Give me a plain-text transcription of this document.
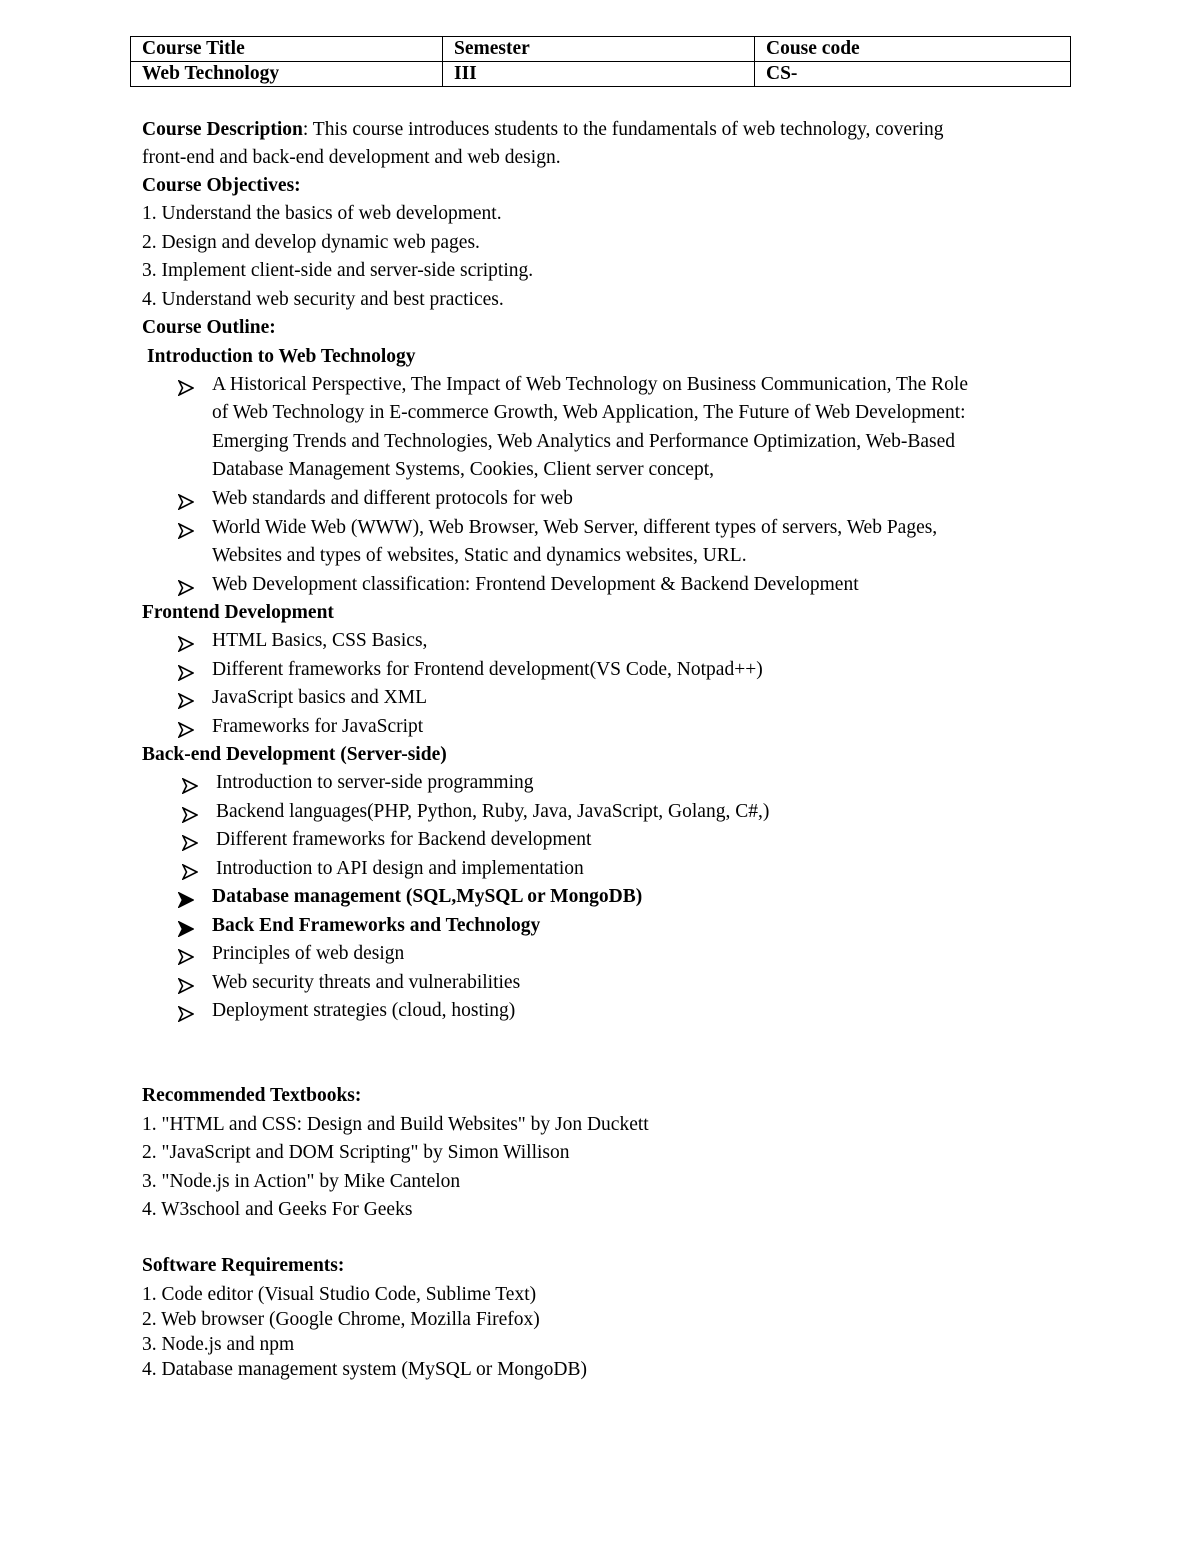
Course Title	Semester	Couse code
Web Technology	III	CS-
Course Description: This course introduces students to the fundamentals of web technology, covering
front-end and back-end development and web design.
Course Objectives:
1. Understand the basics of web development.
2. Design and develop dynamic web pages.
3. Implement client-side and server-side scripting.
4. Understand web security and best practices.
Course Outline:
Introduction to Web Technology
A Historical Perspective, The Impact of Web Technology on Business Communication, The Role
of Web Technology in E-commerce Growth, Web Application, The Future of Web Development:
Emerging Trends and Technologies, Web Analytics and Performance Optimization, Web-Based
Database Management Systems, Cookies, Client server concept,
Web standards and different protocols for web
World Wide Web (WWW), Web Browser, Web Server, different types of servers, Web Pages,
Websites and types of websites, Static and dynamics websites, URL.
Web Development classification: Frontend Development & Backend Development
Frontend Development
HTML Basics, CSS Basics,
Different frameworks for Frontend development(VS Code, Notpad++)
JavaScript basics and XML
Frameworks for JavaScript
Back-end Development (Server-side)
Introduction to server-side programming
Backend languages(PHP, Python, Ruby, Java, JavaScript, Golang, C#,)
Different frameworks for Backend development
Introduction to API design and implementation
Database management (SQL,MySQL or MongoDB)
Back End Frameworks and Technology
Principles of web design
Web security threats and vulnerabilities
Deployment strategies (cloud, hosting)
Recommended Textbooks:
1. "HTML and CSS: Design and Build Websites" by Jon Duckett
2. "JavaScript and DOM Scripting" by Simon Willison
3. "Node.js in Action" by Mike Cantelon
4. W3school and Geeks For Geeks
Software Requirements:
1. Code editor (Visual Studio Code, Sublime Text)
2. Web browser (Google Chrome, Mozilla Firefox)
3. Node.js and npm
4. Database management system (MySQL or MongoDB)
